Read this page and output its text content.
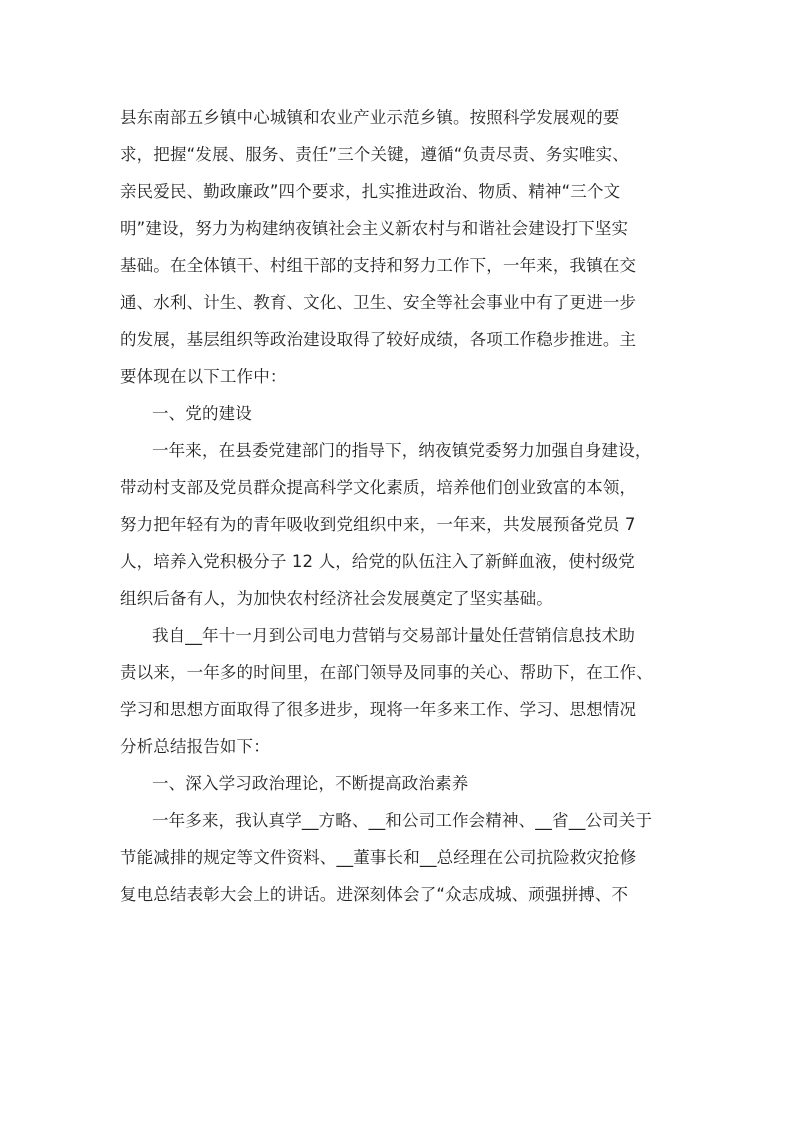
县东南部五乡镇中心城镇和农业产业示范乡镇。按照科学发展观的要
求，把握“发展、服务、责任”三个关键，遵循“负责尽责、务实唯实、
亲民爱民、勤政廉政”四个要求，扎实推进政治、物质、精神“三个文
明”建设，努力为构建纳夜镇社会主义新农村与和谐社会建设打下坚实
基础。在全体镇干、村组干部的支持和努力工作下，一年来，我镇在交
通、水利、计生、教育、文化、卫生、安全等社会事业中有了更进一步
的发展，基层组织等政治建设取得了较好成绩，各项工作稳步推进。主
要体现在以下工作中：
一、党的建设
一年来，在县委党建部门的指导下，纳夜镇党委努力加强自身建设，
带动村支部及党员群众提高科学文化素质，培养他们创业致富的本领，
努力把年轻有为的青年吸收到党组织中来，一年来，共发展预备党员 7
人，培养入党积极分子 12 人，给党的队伍注入了新鲜血液，使村级党
组织后备有人，为加快农村经济社会发展奠定了坚实基础。
我自__年十一月到公司电力营销与交易部计量处任营销信息技术助
责以来，一年多的时间里，在部门领导及同事的关心、帮助下，在工作、
学习和思想方面取得了很多进步，现将一年多来工作、学习、思想情况
分析总结报告如下：
一、深入学习政治理论，不断提高政治素养
一年多来，我认真学__方略、__和公司工作会精神、__省__公司关于
节能减排的规定等文件资料、__董事长和__总经理在公司抗险救灾抢修
复电总结表彰大会上的讲话。进深刻体会了“众志成城、顽强拼搏、不
